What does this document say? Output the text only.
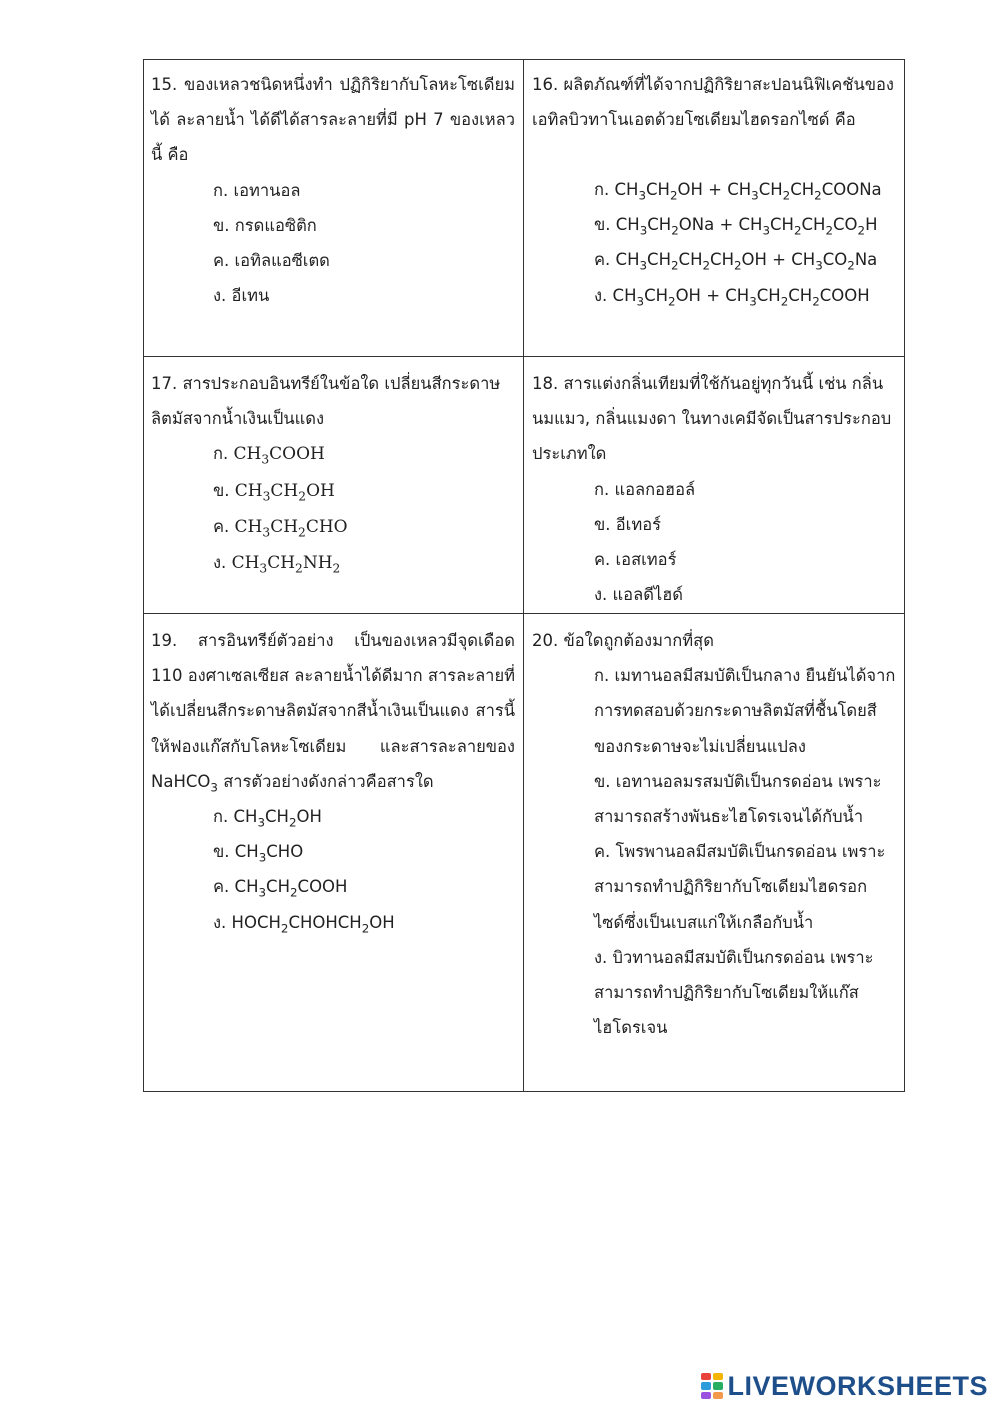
15. ของเหลวชนิดหนึ่งทำ ปฏิกิริยากับโลหะโซเดียมได้ ละลายน้ำ ได้ดีได้สารละลายที่มี pH 7 ของเหลวนี้ คือ

ก. เอทานอล
ข. กรดแอซิติก
ค. เอทิลแอซีเตด
ง. อีเทน

16. ผลิตภัณฑ์ที่ได้จากปฏิกิริยาสะปอนนิฟิเคชันของเอทิลบิวทาโนเอตด้วยโซเดียมไฮดรอกไซด์ คือ

ก. $CH_3CH_2OH$ + $CH_3CH_2CH_2COONa$
ข. $CH_3CH_2ONa + CH_3CH_2CH_2CO_2H$
ค. $CH_3CH_2CH_2CH_2OH + CH_3CO_2Na$
ง. $CH_3CH_2OH$ + $CH_3CH_2CH_2COOH$

17. สารประกอบอินทรีย์ในข้อใด เปลี่ยนสีกระดาษลิตมัสจากน้ำเงินเป็นแดง

ก. $CH_3COOH$
ข. $CH_3CH_2OH$
ค. $CH_3CH_2CHO$
ง. $CH_3CH_2NH_2$

18. สารแต่งกลิ่นเทียมที่ใช้กันอยู่ทุกวันนี้ เช่น กลิ่นนมแมว, กลิ่นแมงดา ในทางเคมีจัดเป็นสารประกอบประเภทใด

ก. แอลกอฮอล์
ข. อีเทอร์
ค. เอสเทอร์
ง. แอลดีไฮด์

19. สารอินทรีย์ตัวอย่าง เป็นของเหลวมีจุดเดือด 110 องศาเซลเซียส ละลายน้ำได้ดีมาก สารละลายที่ได้เปลี่ยนสีกระดาษลิตมัสจากสีน้ำเงินเป็นแดง สารนี้ให้ฟองแก๊สกับโลหะโซเดียม และสารละลายของ NaHCO$_3$ สารตัวอย่างดังกล่าวคือสารใด

ก. $CH_3CH_2OH$
ข. $CH_3CHO$
ค. $CH_3CH_2COOH$
ง. $HOCH_2CHOHCH_2OH$

20. ข้อใดถูกต้องมากที่สุด

ก. เมทานอลมีสมบัติเป็นกลาง ยืนยันได้จากการทดสอบด้วยกระดาษลิตมัสที่ชื้นโดยสีของกระดาษจะไม่เปลี่ยนแปลง
ข. เอทานอลมรสมบัติเป็นกรดอ่อน เพราะสามารถสร้างพันธะไฮโดรเจนได้กับน้ำ
ค. โพรพานอลมีสมบัติเป็นกรดอ่อน เพราะสามารถทำปฏิกิริยากับโซเดียมไฮดรอกไซด์ซึ่งเป็นเบสแก่ให้เกลือกับน้ำ
ง. บิวทานอลมีสมบัติเป็นกรดอ่อน เพราะสามารถทำปฏิกิริยากับโซเดียมให้แก๊สไฮโดรเจน
LIVEWORKSHEETS
